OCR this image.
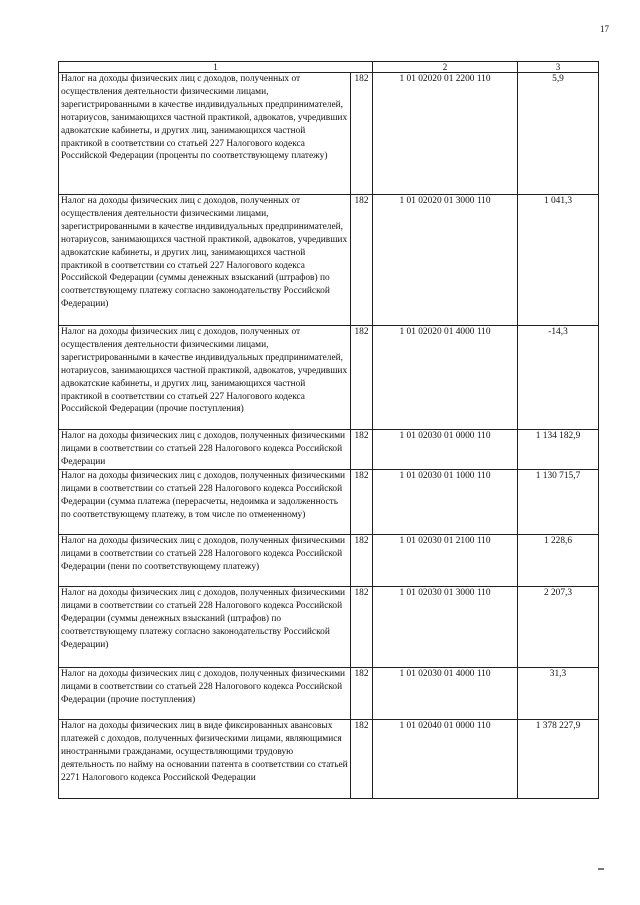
17
1		2	3

Налог на доходы физических лиц с доходов, полученных от осуществления деятельности физическими лицами, зарегистрированными в качестве индивидуальных предпринимателей, нотариусов, занимающихся частной практикой, адвокатов, учредивших адвокатские кабинеты, и других лиц, занимающихся частной практикой в соответствии со статьей 227 Налогового кодекса Российской Федерации (проценты по соответствующему платежу)	182	1 01 02020 01 2200 110	5,9

Налог на доходы физических лиц с доходов, полученных от осуществления деятельности физическими лицами, зарегистрированными в качестве индивидуальных предпринимателей, нотариусов, занимающихся частной практикой, адвокатов, учредивших адвокатские кабинеты, и других лиц, занимающихся частной практикой в соответствии со статьей 227 Налогового кодекса Российской Федерации (суммы денежных взысканий (штрафов) по соответствующему платежу согласно законодательству Российской Федерации)	182	1 01 02020 01 3000 110	1 041,3

Налог на доходы физических лиц с доходов, полученных от осуществления деятельности физическими лицами, зарегистрированными в качестве индивидуальных предпринимателей, нотариусов, занимающихся частной практикой, адвокатов, учредивших адвокатские кабинеты, и других лиц, занимающихся частной практикой в соответствии со статьей 227 Налогового кодекса Российской Федерации (прочие поступления)	182	1 01 02020 01 4000 110	-14,3

Налог на доходы физических лиц с доходов, полученных физическими лицами в соответствии со статьей 228 Налогового кодекса Российской Федерации	182	1 01 02030 01 0000 110	1 134 182,9

Налог на доходы физических лиц с доходов, полученных физическими лицами в соответствии со статьей 228 Налогового кодекса Российской Федерации (сумма платежа (перерасчеты, недоимка и задолженность по соответствующему платежу, в том числе по отмененному)	182	1 01 02030 01 1000 110	1 130 715,7

Налог на доходы физических лиц с доходов, полученных физическими лицами в соответствии со статьей 228 Налогового кодекса Российской Федерации (пени по соответствующему платежу)	182	1 01 02030 01 2100 110	1 228,6

Налог на доходы физических лиц с доходов, полученных физическими лицами в соответствии со статьей 228 Налогового кодекса Российской Федерации (суммы денежных взысканий (штрафов) по соответствующему платежу согласно законодательству Российской Федерации)	182	1 01 02030 01 3000 110	2 207,3

Налог на доходы физических лиц с доходов, полученных физическими лицами в соответствии со статьей 228 Налогового кодекса Российской Федерации (прочие поступления)	182	1 01 02030 01 4000 110	31,3

Налог на доходы физических лиц в виде фиксированных авансовых платежей с доходов, полученных физическими лицами, являющимися иностранными гражданами, осуществляющими трудовую деятельность по найму на основании патента в соответствии со статьей 2271 Налогового кодекса Российской Федерации	182	1 01 02040 01 0000 110	1 378 227,9
